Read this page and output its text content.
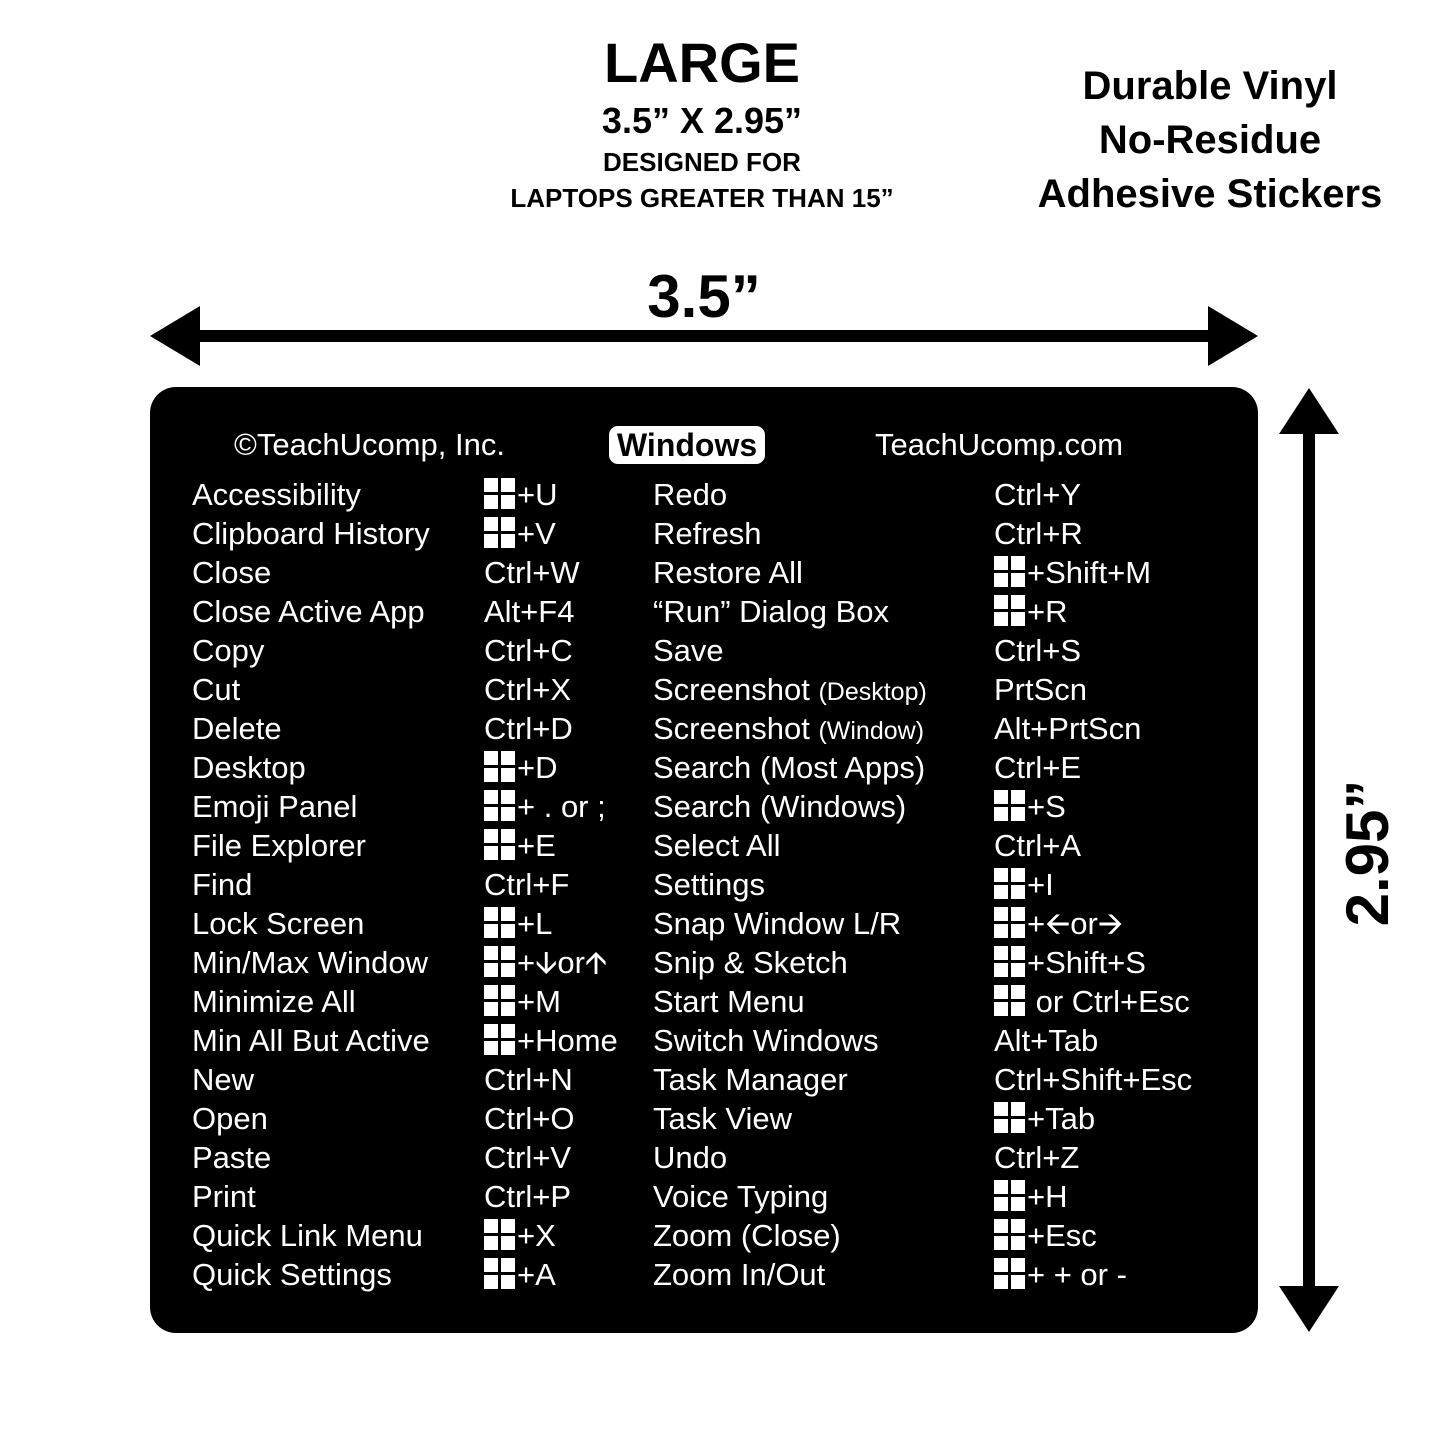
LARGE
3.5” X 2.95”
DESIGNED FOR
LAPTOPS GREATER THAN 15”
Durable Vinyl
No-Residue
Adhesive Stickers
3.5”
2.95”
©TeachUcomp, Inc.	Windows	TeachUcomp.com
Accessibility
Clipboard History
Close
Close Active App
Copy
Cut
Delete
Desktop
Emoji Panel
File Explorer
Find
Lock Screen
Min/Max Window
Minimize All
Min All But Active
New
Open
Paste
Print
Quick Link Menu
Quick Settings
+U
+V
Ctrl+W
Alt+F4
Ctrl+C
Ctrl+X
Ctrl+D
+D
+ . or ;
+E
Ctrl+F
+L
+🡫or🡩
+M
+Home
Ctrl+N
Ctrl+O
Ctrl+V
Ctrl+P
+X
+A
Redo
Refresh
Restore All
“Run” Dialog Box
Save
Screenshot (Desktop)
Screenshot (Window)
Search (Most Apps)
Search (Windows)
Select All
Settings
Snap Window L/R
Snip & Sketch
Start Menu
Switch Windows
Task Manager
Task View
Undo
Voice Typing
Zoom (Close)
Zoom In/Out
Ctrl+Y
Ctrl+R
+Shift+M
+R
Ctrl+S
PrtScn
Alt+PrtScn
Ctrl+E
+S
Ctrl+A
+I
+🡨or🡪
+Shift+S
or Ctrl+Esc
Alt+Tab
Ctrl+Shift+Esc
+Tab
Ctrl+Z
+H
+Esc
+ + or -
